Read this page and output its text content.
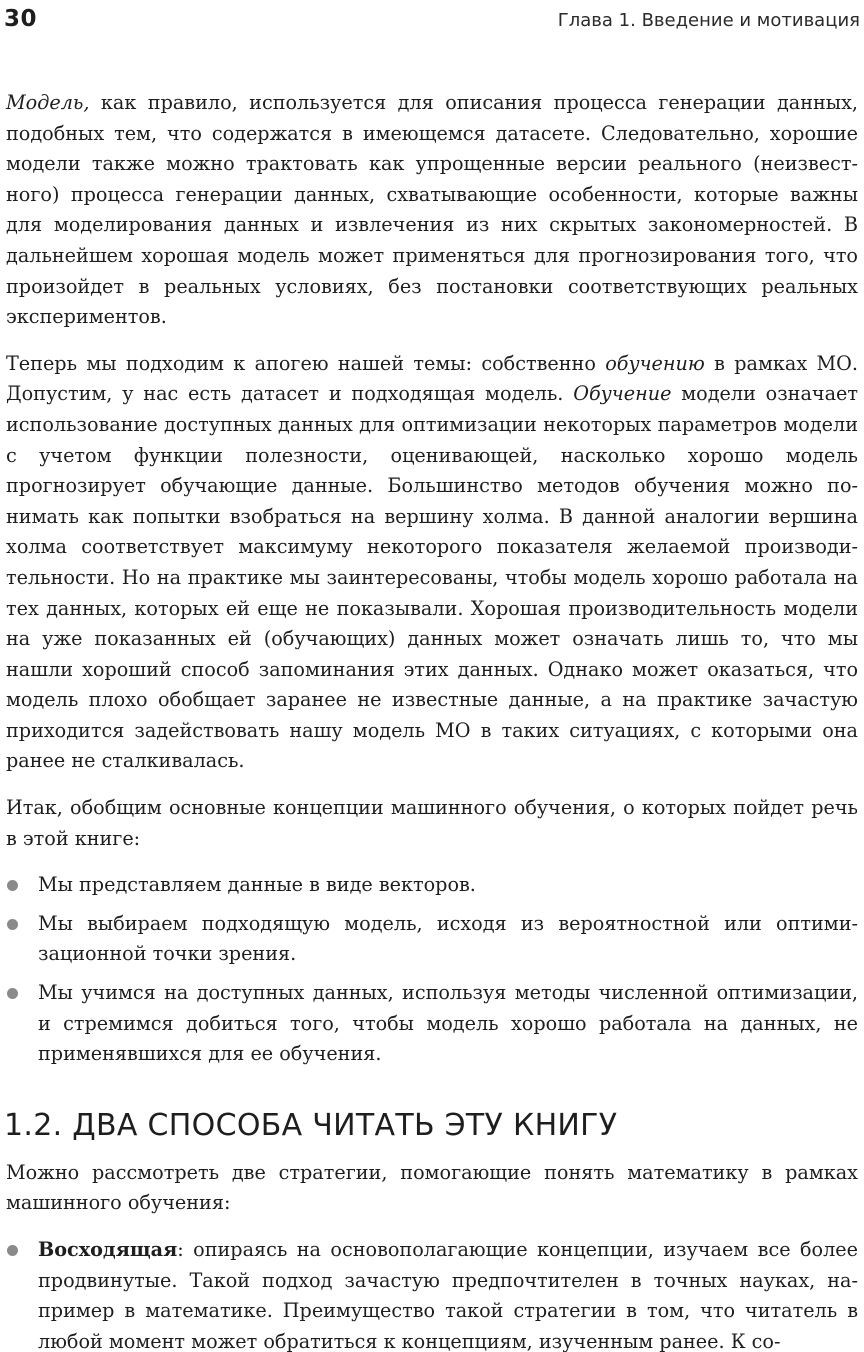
30	Глава 1. Введение и мотивация

Модель, как правило, используется для описания процесса генерации данных, подобных тем, что содержатся в имеющемся датасете. Следовательно, хорошие модели также можно трактовать как упрощенные версии реального (неизвестного) процесса генерации данных, схватывающие особенности, которые важны для моделирования данных и извлечения из них скрытых закономерностей. В дальнейшем хорошая модель может применяться для прогнозирования того, что произойдет в реальных условиях, без постановки соответствующих реальных экспериментов.

Теперь мы подходим к апогею нашей темы: собственно обучению в рамках МО. Допустим, у нас есть датасет и подходящая модель. Обучение модели означает использование доступных данных для оптимизации некоторых параметров модели с учетом функции полезности, оценивающей, насколько хорошо модель прогнозирует обучающие данные. Большинство методов обучения можно понимать как попытки взобраться на вершину холма. В данной аналогии вершина холма соответствует максимуму некоторого показателя желаемой производительности. Но на практике мы заинтересованы, чтобы модель хорошо работала на тех данных, которых ей еще не показывали. Хорошая производительность модели на уже показанных ей (обучающих) данных может означать лишь то, что мы нашли хороший способ запоминания этих данных. Однако может оказаться, что модель плохо обобщает заранее не известные данные, а на практике зачастую приходится задействовать нашу модель МО в таких ситуациях, с которыми она ранее не сталкивалась.

Итак, обобщим основные концепции машинного обучения, о которых пойдет речь в этой книге:

Мы представляем данные в виде векторов.
Мы выбираем подходящую модель, исходя из вероятностной или оптимизационной точки зрения.
Мы учимся на доступных данных, используя методы численной оптимизации, и стремимся добиться того, чтобы модель хорошо работала на данных, не применявшихся для ее обучения.
1.2. ДВА СПОСОБА ЧИТАТЬ ЭТУ КНИГУ

Можно рассмотреть две стратегии, помогающие понять математику в рамках машинного обучения:

Восходящая: опираясь на основополагающие концепции, изучаем все более продвинутые. Такой подход зачастую предпочтителен в точных науках, например в математике. Преимущество такой стратегии в том, что читатель в любой момент может обратиться к концепциям, изученным ранее. К со-
